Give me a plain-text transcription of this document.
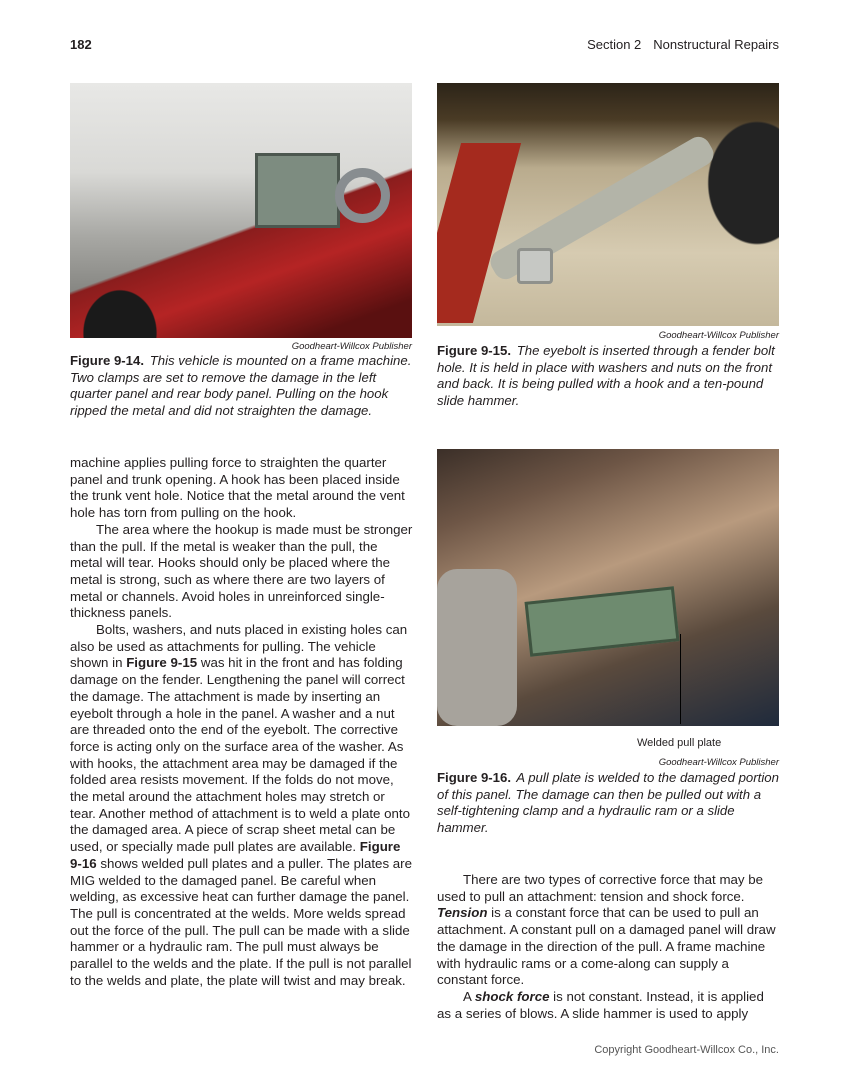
182	Section 2 Nonstructural Repairs
Goodheart-Willcox Publisher
Figure 9-14. This vehicle is mounted on a frame machine. Two clamps are set to remove the damage in the left quarter panel and rear body panel. Pulling on the hook ripped the metal and did not straighten the damage.
Goodheart-Willcox Publisher
Figure 9-15. The eyebolt is inserted through a fender bolt hole. It is held in place with washers and nuts on the front and back. It is being pulled with a hook and a ten-pound slide hammer.
Welded pull plate
Goodheart-Willcox Publisher
Figure 9-16. A pull plate is welded to the damaged portion of this panel. The damage can then be pulled out with a self-tightening clamp and a hydraulic ram or a slide hammer.

machine applies pulling force to straighten the quarter panel and trunk opening. A hook has been placed inside the trunk vent hole. Notice that the metal around the vent hole has torn from pulling on the hook.

The area where the hookup is made must be stronger than the pull. If the metal is weaker than the pull, the metal will tear. Hooks should only be placed where the metal is strong, such as where there are two layers of metal or channels. Avoid holes in unreinforced single-thickness panels.

Bolts, washers, and nuts placed in existing holes can also be used as attachments for pulling. The vehicle shown in Figure 9-15 was hit in the front and has folding damage on the fender. Lengthening the panel will correct the damage. The attachment is made by inserting an eyebolt through a hole in the panel. A washer and a nut are threaded onto the end of the eyebolt. The corrective force is acting only on the surface area of the washer. As with hooks, the attachment area may be damaged if the folded area resists movement. If the folds do not move, the metal around the attachment holes may stretch or tear. Another method of attachment is to weld a plate onto the damaged area. A piece of scrap sheet metal can be used, or specially made pull plates are available. Figure 9-16 shows welded pull plates and a puller. The plates are MIG welded to the damaged panel. Be careful when welding, as excessive heat can further damage the panel. The pull is concentrated at the welds. More welds spread out the force of the pull. The pull can be made with a slide hammer or a hydraulic ram. The pull must always be parallel to the welds and the plate. If the pull is not parallel to the welds and plate, the plate will twist and may break.

There are two types of corrective force that may be used to pull an attachment: tension and shock force. Tension is a constant force that can be used to pull an attachment. A constant pull on a damaged panel will draw the damage in the direction of the pull. A frame machine with hydraulic rams or a come-along can supply a constant force.

A shock force is not constant. Instead, it is applied as a series of blows. A slide hammer is used to apply

Copyright Goodheart-Willcox Co., Inc.
